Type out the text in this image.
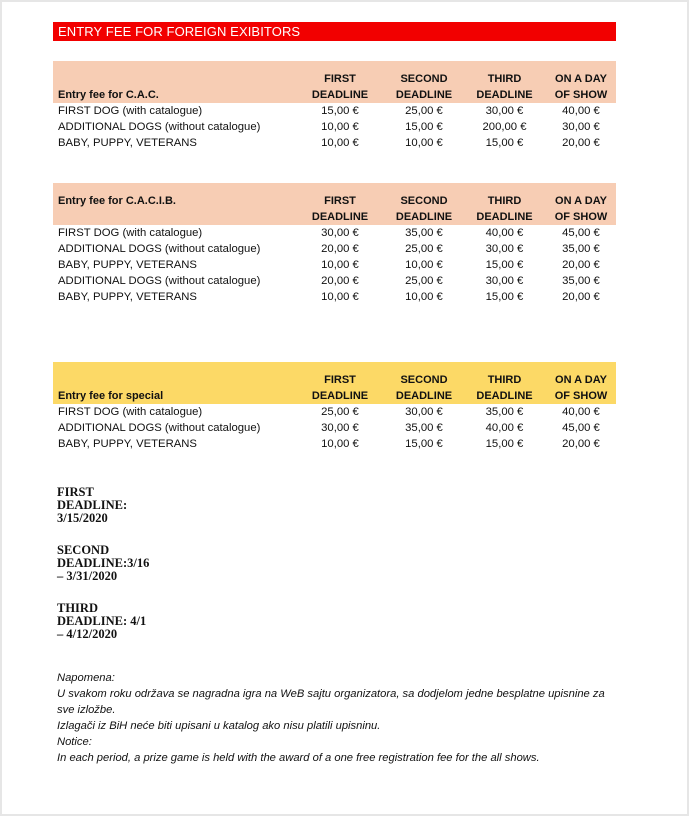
ENTRY FEE FOR FOREIGN EXIBITORS

	FIRST	SECOND	THIRD	ON A DAY
Entry fee for C.A.C.	DEADLINE	DEADLINE	DEADLINE	OF SHOW
FIRST DOG (with catalogue)	15,00 €	25,00 €	30,00 €	40,00 €
ADDITIONAL DOGS (without catalogue)	10,00 €	15,00 €	200,00 €	30,00 €
BABY, PUPPY, VETERANS	10,00 €	10,00 €	15,00 €	20,00 €

Entry fee for C.A.C.I.B.	FIRST	SECOND	THIRD	ON A DAY
	DEADLINE	DEADLINE	DEADLINE	OF SHOW
FIRST DOG (with catalogue)	30,00 €	35,00 €	40,00 €	45,00 €
ADDITIONAL DOGS (without catalogue)	20,00 €	25,00 €	30,00 €	35,00 €
BABY, PUPPY, VETERANS	10,00 €	10,00 €	15,00 €	20,00 €
ADDITIONAL DOGS (without catalogue)	20,00 €	25,00 €	30,00 €	35,00 €
BABY, PUPPY, VETERANS	10,00 €	10,00 €	15,00 €	20,00 €

	FIRST	SECOND	THIRD	ON A DAY
Entry fee for special	DEADLINE	DEADLINE	DEADLINE	OF SHOW
FIRST DOG (with catalogue)	25,00 €	30,00 €	35,00 €	40,00 €
ADDITIONAL DOGS (without catalogue)	30,00 €	35,00 €	40,00 €	45,00 €
BABY, PUPPY, VETERANS	10,00 €	15,00 €	15,00 €	20,00 €
FIRST
DEADLINE:
3/15/2020
SECOND
DEADLINE:3/16
– 3/31/2020
THIRD
DEADLINE: 4/1
– 4/12/2020
Napomena:
U svakom roku održava se nagradna igra na WeB sajtu organizatora, sa dodjelom jedne besplatne upisnine za
sve izložbe.
Izlagači iz BiH neće biti upisani u katalog ako nisu platili upisninu.
Notice:
In each period, a prize game is held with the award of a one free registration fee for the all shows.
